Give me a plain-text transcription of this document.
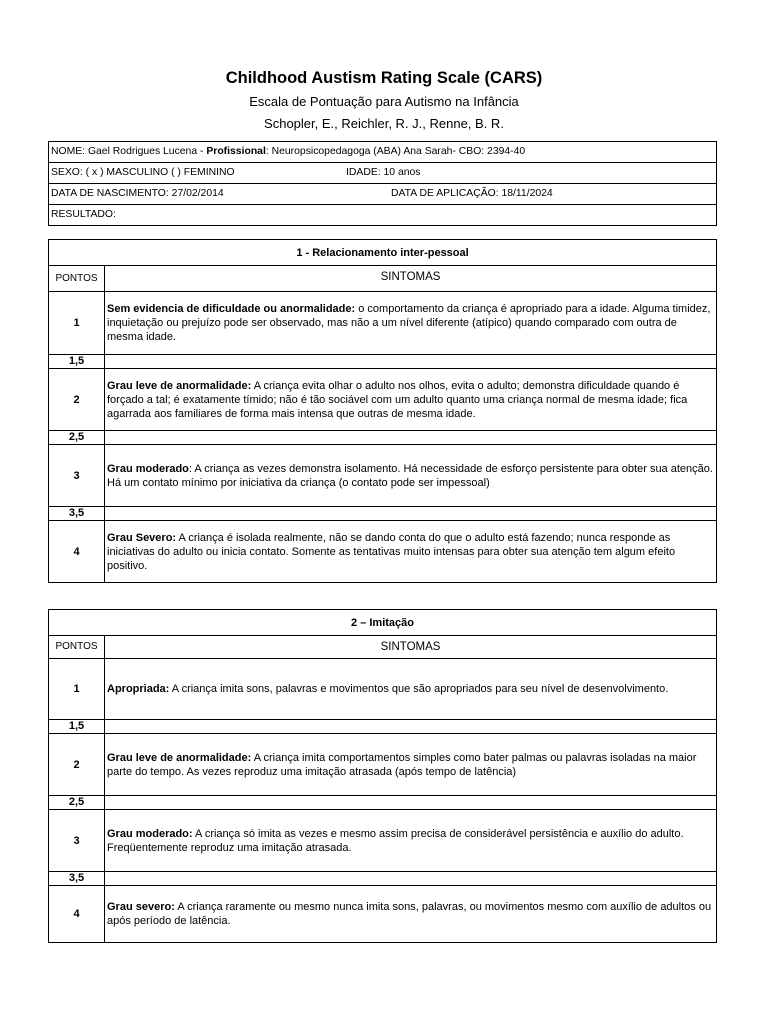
Childhood Austism Rating Scale (CARS)
Escala de Pontuação para Autismo na Infância
Schopler, E., Reichler, R. J., Renne, B. R.
NOME: Gael Rodrigues Lucena - Profissional: Neuropsicopedagoga (ABA) Ana Sarah- CBO: 2394-40
SEXO: ( x ) MASCULINO ( ) FEMININO	IDADE: 10 anos
DATA DE NASCIMENTO: 27/02/2014	DATA DE APLICAÇÃO: 18/11/2024
RESULTADO:
1 - Relacionamento inter-pessoal	
PONTOS	SINTOMAS
1	Sem evidencia de dificuldade ou anormalidade: o comportamento da criança é apropriado para a idade. Alguma timidez, inquietação ou prejuízo pode ser observado, mas não a um nível diferente (atípico) quando comparado com outra de mesma idade.
1,5	
2	Grau leve de anormalidade: A criança evita olhar o adulto nos olhos, evita o adulto; demonstra dificuldade quando é forçado a tal; é exatamente tímido; não é tão sociável com um adulto quanto uma criança normal de mesma idade; fica agarrada aos familiares de forma mais intensa que outras de mesma idade.
2,5	
3	Grau moderado: A criança as vezes demonstra isolamento. Há necessidade de esforço persistente para obter sua atenção. Há um contato mínimo por iniciativa da criança (o contato pode ser impessoal)
3,5	
4	Grau Severo: A criança é isolada realmente, não se dando conta do que o adulto está fazendo; nunca responde as iniciativas do adulto ou inicia contato. Somente as tentativas muito intensas para obter sua atenção tem algum efeito positivo.
2 – Imitação	
PONTOS	SINTOMAS
1	Apropriada: A criança imita sons, palavras e movimentos que são apropriados para seu nível de desenvolvimento.
1,5	
2	Grau leve de anormalidade: A criança imita comportamentos simples como bater palmas ou palavras isoladas na maior parte do tempo. As vezes reproduz uma imitação atrasada (após tempo de latência)
2,5	
3	Grau moderado: A criança só imita as vezes e mesmo assim precisa de considerável persistência e auxílio do adulto. Freqüentemente reproduz uma imitação atrasada.
3,5	
4	Grau severo: A criança raramente ou mesmo nunca imita sons, palavras, ou movimentos mesmo com auxílio de adultos ou após período de latência.
